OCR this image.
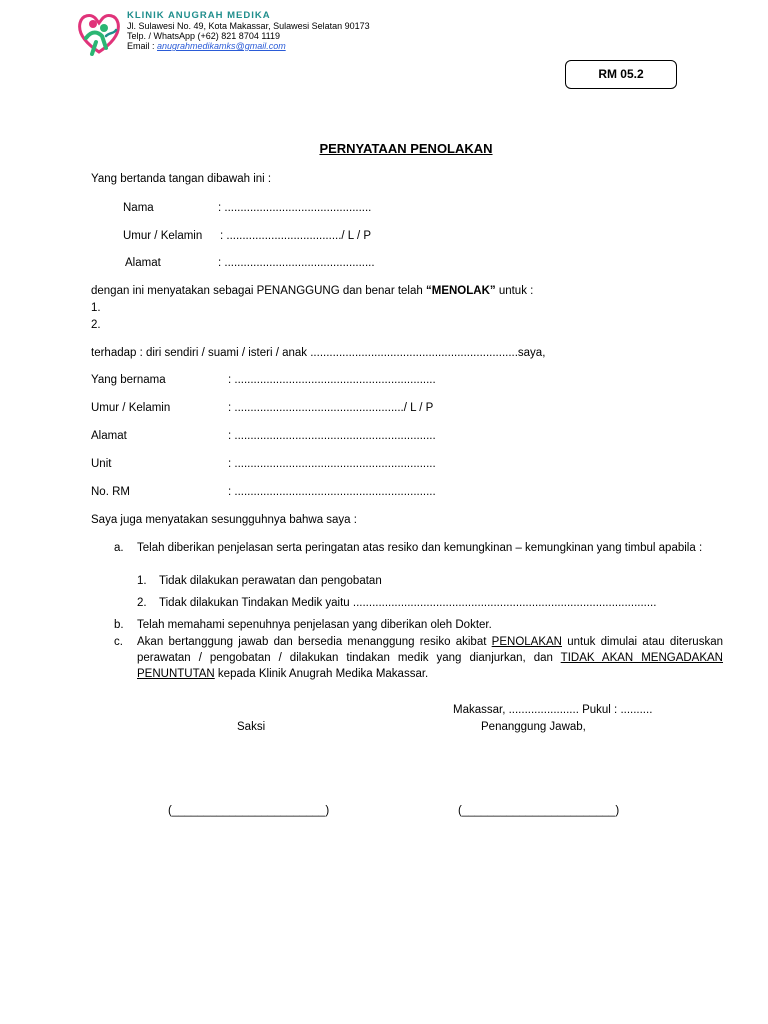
KLINIK ANUGRAH MEDIKA
Jl. Sulawesi No. 49, Kota Makassar, Sulawesi Selatan 90173
Telp. / WhatsApp (+62) 821 8704 1119
Email : anugrahmedikamks@gmail.com
RM 05.2
PERNYATAAN PENOLAKAN
Yang bertanda tangan dibawah ini :
Nama	: ..............................................
Umur / Kelamin : ..................................../ L / P
Alamat	: ...............................................
dengan ini menyatakan sebagai PENANGGUNG dan benar telah “MENOLAK” untuk :
1.
2.
terhadap : diri sendiri / suami / isteri / anak .................................................................saya,
Yang bernama	: ...............................................................
Umur / Kelamin	: ...................................................../ L / P
Alamat	: ...............................................................
Unit	: ...............................................................
No. RM	: ...............................................................
Saya juga menyatakan sesungguhnya bahwa saya :
a. Telah diberikan penjelasan serta peringatan atas resiko dan kemungkinan – kemungkinan yang timbul apabila :
1. Tidak dilakukan perawatan dan pengobatan
2. Tidak dilakukan Tindakan Medik yaitu ...............................................................................................
b. Telah memahami sepenuhnya penjelasan yang diberikan oleh Dokter.
c. Akan bertanggung jawab dan bersedia menanggung resiko akibat PENOLAKAN untuk dimulai atau diteruskan perawatan / pengobatan / dilakukan tindakan medik yang dianjurkan, dan TIDAK AKAN MENGADAKAN PENUNTUTAN kepada Klinik Anugrah Medika Makassar.
Makassar, ...................... Pukul : ..........
Saksi	Penanggung Jawab,
(________________________)	(________________________)
